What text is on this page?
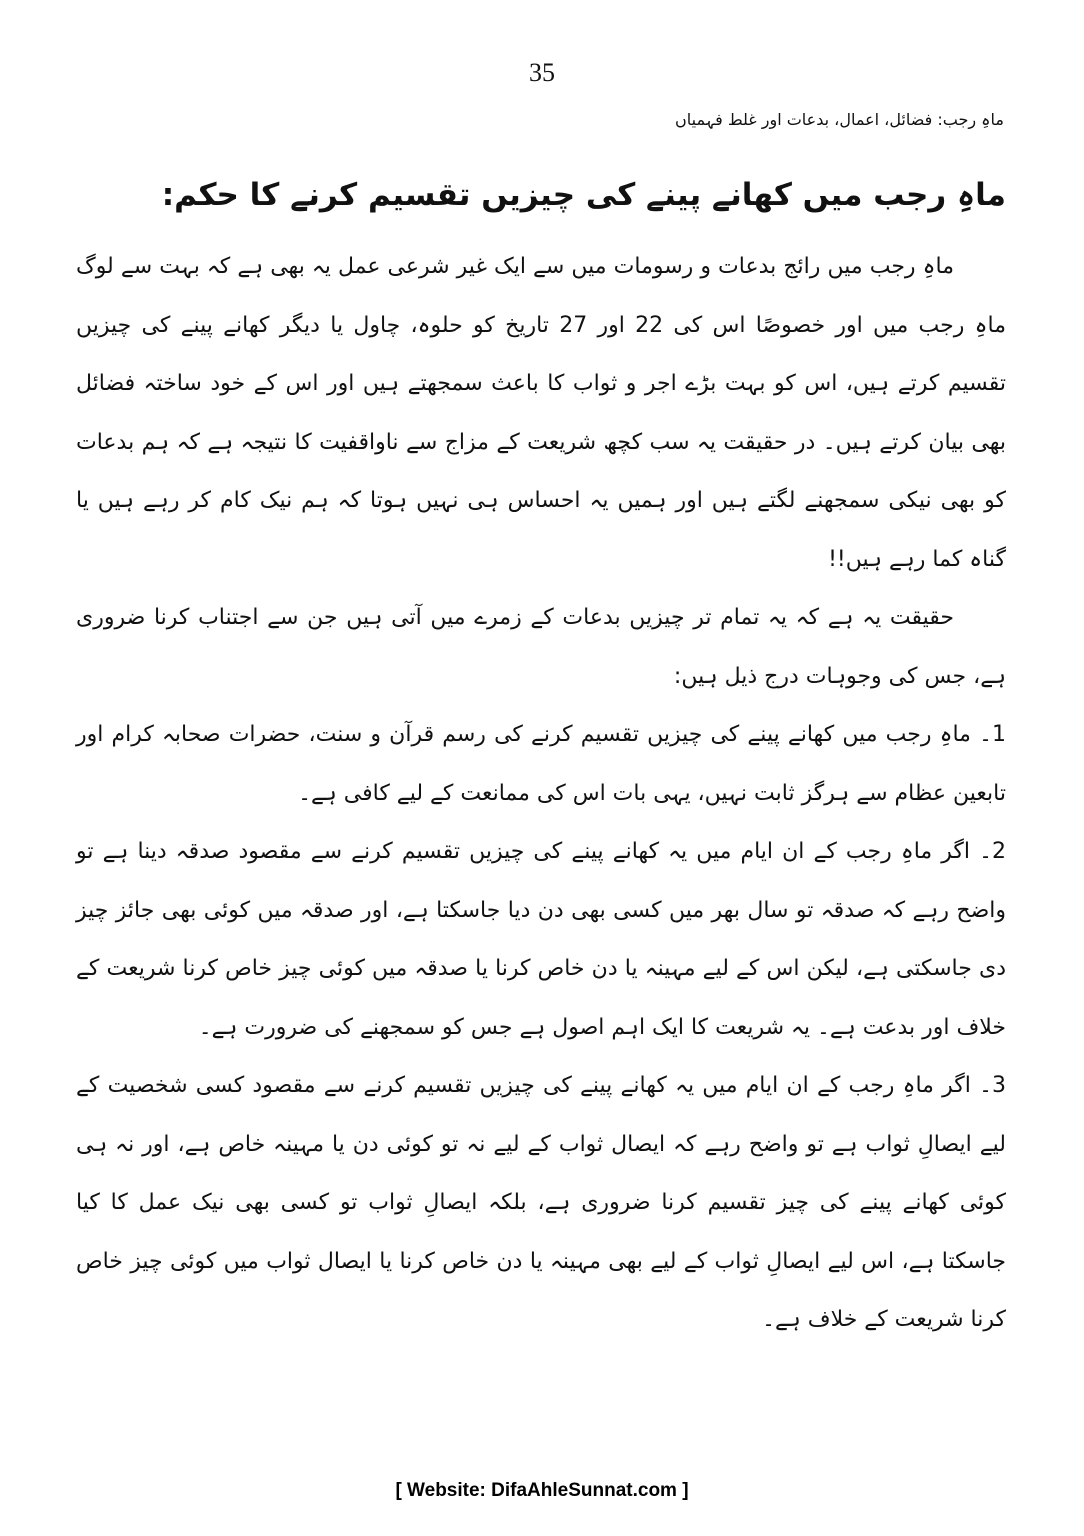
35
ماہِ رجب: فضائل، اعمال، بدعات اور غلط فہمیاں
ماہِ رجب میں کھانے پینے کی چیزیں تقسیم کرنے کا حکم:

ماہِ رجب میں رائج بدعات و رسومات میں سے ایک غیر شرعی عمل یہ بھی ہے کہ بہت سے لوگ ماہِ رجب میں اور خصوصًا اس کی 22 اور 27 تاریخ کو حلوہ، چاول یا دیگر کھانے پینے کی چیزیں تقسیم کرتے ہیں، اس کو بہت بڑے اجر و ثواب کا باعث سمجھتے ہیں اور اس کے خود ساختہ فضائل بھی بیان کرتے ہیں۔ در حقیقت یہ سب کچھ شریعت کے مزاج سے ناواقفیت کا نتیجہ ہے کہ ہم بدعات کو بھی نیکی سمجھنے لگتے ہیں اور ہمیں یہ احساس ہی نہیں ہوتا کہ ہم نیک کام کر رہے ہیں یا گناہ کما رہے ہیں!!

حقیقت یہ ہے کہ یہ تمام تر چیزیں بدعات کے زمرے میں آتی ہیں جن سے اجتناب کرنا ضروری ہے، جس کی وجوہات درج ذیل ہیں:

1۔ ماہِ رجب میں کھانے پینے کی چیزیں تقسیم کرنے کی رسم قرآن و سنت، حضرات صحابہ کرام اور تابعین عظام سے ہرگز ثابت نہیں، یہی بات اس کی ممانعت کے لیے کافی ہے۔

2۔ اگر ماہِ رجب کے ان ایام میں یہ کھانے پینے کی چیزیں تقسیم کرنے سے مقصود صدقہ دینا ہے تو واضح رہے کہ صدقہ تو سال بھر میں کسی بھی دن دیا جاسکتا ہے، اور صدقہ میں کوئی بھی جائز چیز دی جاسکتی ہے، لیکن اس کے لیے مہینہ یا دن خاص کرنا یا صدقہ میں کوئی چیز خاص کرنا شریعت کے خلاف اور بدعت ہے۔ یہ شریعت کا ایک اہم اصول ہے جس کو سمجھنے کی ضرورت ہے۔

3۔ اگر ماہِ رجب کے ان ایام میں یہ کھانے پینے کی چیزیں تقسیم کرنے سے مقصود کسی شخصیت کے لیے ایصالِ ثواب ہے تو واضح رہے کہ ایصال ثواب کے لیے نہ تو کوئی دن یا مہینہ خاص ہے، اور نہ ہی کوئی کھانے پینے کی چیز تقسیم کرنا ضروری ہے، بلکہ ایصالِ ثواب تو کسی بھی نیک عمل کا کیا جاسکتا ہے، اس لیے ایصالِ ثواب کے لیے بھی مہینہ یا دن خاص کرنا یا ایصال ثواب میں کوئی چیز خاص کرنا شریعت کے خلاف ہے۔

[ Website: DifaAhleSunnat.com ]
